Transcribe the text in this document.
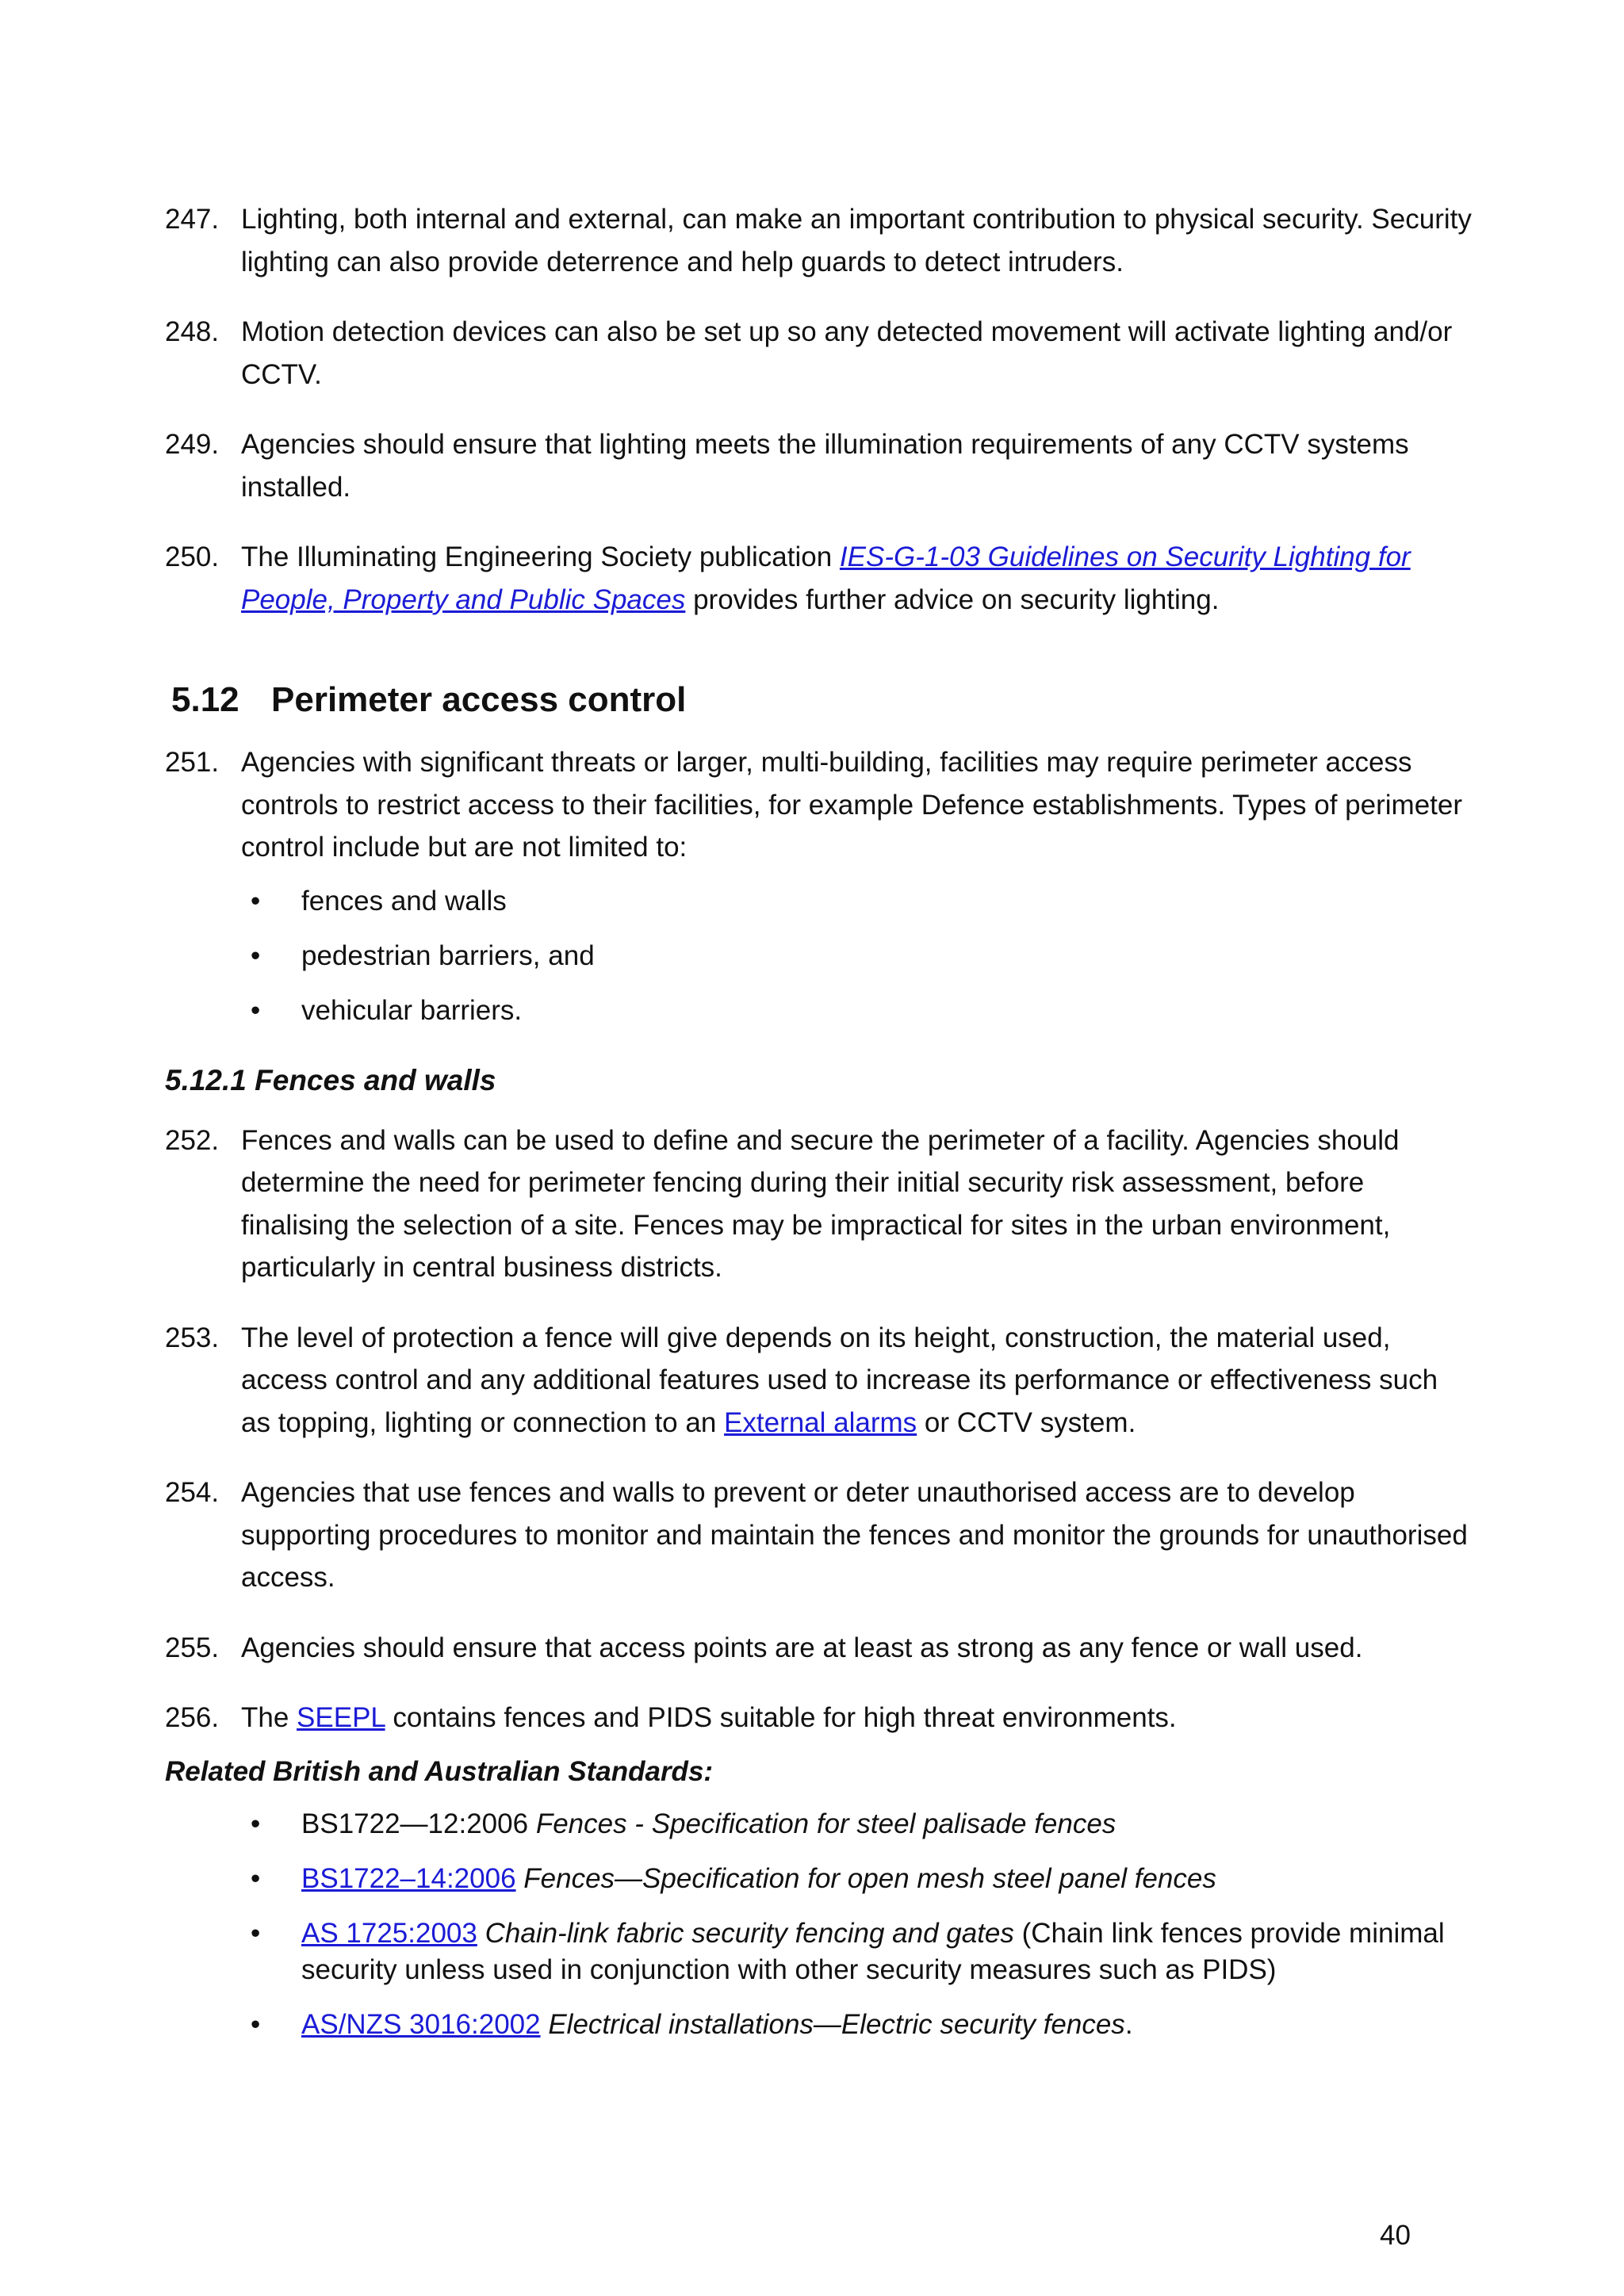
247. Lighting, both internal and external, can make an important contribution to physical security. Security lighting can also provide deterrence and help guards to detect intruders.

248. Motion detection devices can also be set up so any detected movement will activate lighting and/or CCTV.

249. Agencies should ensure that lighting meets the illumination requirements of any CCTV systems installed.

250. The Illuminating Engineering Society publication IES-G-1-03 Guidelines on Security Lighting for People, Property and Public Spaces provides further advice on security lighting.

5.12 Perimeter access control
251. Agencies with significant threats or larger, multi-building, facilities may require perimeter access controls to restrict access to their facilities, for example Defence establishments. Types of perimeter control include but are not limited to:

• fences and walls
• pedestrian barriers, and
• vehicular barriers.
5.12.1 Fences and walls
252. Fences and walls can be used to define and secure the perimeter of a facility. Agencies should determine the need for perimeter fencing during their initial security risk assessment, before finalising the selection of a site. Fences may be impractical for sites in the urban environment, particularly in central business districts.

253. The level of protection a fence will give depends on its height, construction, the material used, access control and any additional features used to increase its performance or effectiveness such as topping, lighting or connection to an External alarms or CCTV system.

254. Agencies that use fences and walls to prevent or deter unauthorised access are to develop supporting procedures to monitor and maintain the fences and monitor the grounds for unauthorised access.

255. Agencies should ensure that access points are at least as strong as any fence or wall used.

256. The SEEPL contains fences and PIDS suitable for high threat environments.

Related British and Australian Standards:

• BS1722—12:2006 Fences - Specification for steel palisade fences
• BS1722–14:2006 Fences—Specification for open mesh steel panel fences
• AS 1725:2003 Chain-link fabric security fencing and gates (Chain link fences provide minimal security unless used in conjunction with other security measures such as PIDS)
• AS/NZS 3016:2002 Electrical installations—Electric security fences.
40
